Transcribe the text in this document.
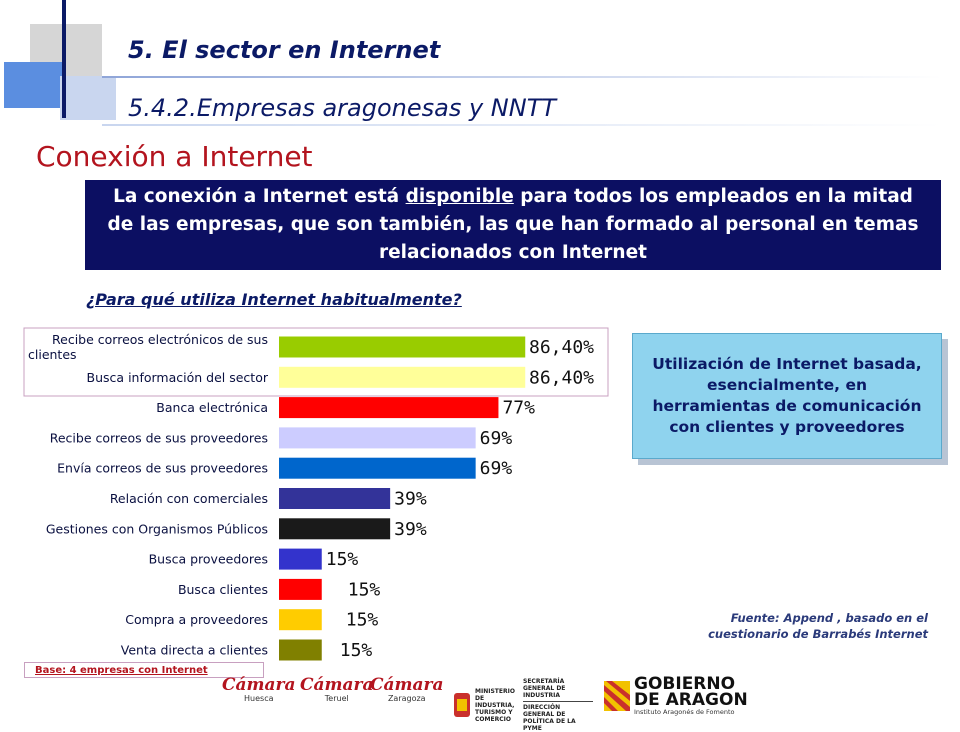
5. El sector en Internet
5.4.2.Empresas aragonesas y NNTT
Conexión a Internet
La conexión a Internet está disponible para todos los empleados en la mitad de las empresas, que son también, las que han formado al personal en temas relacionados con Internet
¿Para qué utiliza Internet habitualmente?
Recibe correos electrónicos de sus clientes	86,40%
Busca información del sector	86,40%
Banca electrónica	77%
Recibe correos de sus proveedores	69%
Envía correos de sus proveedores	69%
Relación con comerciales	39%
Gestiones con Organismos Públicos	39%
Busca proveedores	15%
Busca clientes	15%
Compra a proveedores	15%
Venta directa a clientes	15%
Utilización de Internet basada, esencialmente, en herramientas de comunicación con clientes y proveedores
Fuente: Append , basado en el cuestionario de Barrabés Internet
Base: 4 empresas con Internet
Cámara
Huesca
Cámara
Teruel
Cámara
Zaragoza
MINISTERIO DE INDUSTRIA, TURISMO Y COMERCIO
SECRETARÍA GENERAL DE INDUSTRIA
DIRECCIÓN GENERAL DE POLÍTICA DE LA PYME
GOBIERNO
DE ARAGON
Instituto Aragonés de Fomento
